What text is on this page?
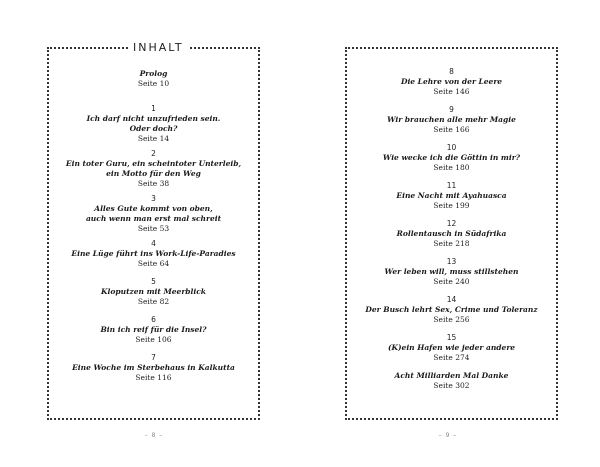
INHALT
Prolog
Seite 10
1
Ich darf nicht unzufrieden sein.
Oder doch?
Seite 14
2
Ein toter Guru, ein scheintoter Unterleib,
ein Motto für den Weg
Seite 38
3
Alles Gute kommt von oben,
auch wenn man erst mal schreit
Seite 53
4
Eine Lüge führt ins Work-Life-Paradies
Seite 64
5
Kloputzen mit Meerblick
Seite 82
6
Bin ich reif für die Insel?
Seite 106
7
Eine Woche im Sterbehaus in Kalkutta
Seite 116
– 8 –
8
Die Lehre von der Leere
Seite 146
9
Wir brauchen alle mehr Magie
Seite 166
10
Wie wecke ich die Göttin in mir?
Seite 180
11
Eine Nacht mit Ayahuasca
Seite 199
12
Rollentausch in Südafrika
Seite 218
13
Wer leben will, muss stillstehen
Seite 240
14
Der Busch lehrt Sex, Crime und Toleranz
Seite 256
15
(K)ein Hafen wie jeder andere
Seite 274
Acht Milliarden Mal Danke
Seite 302
– 9 –
